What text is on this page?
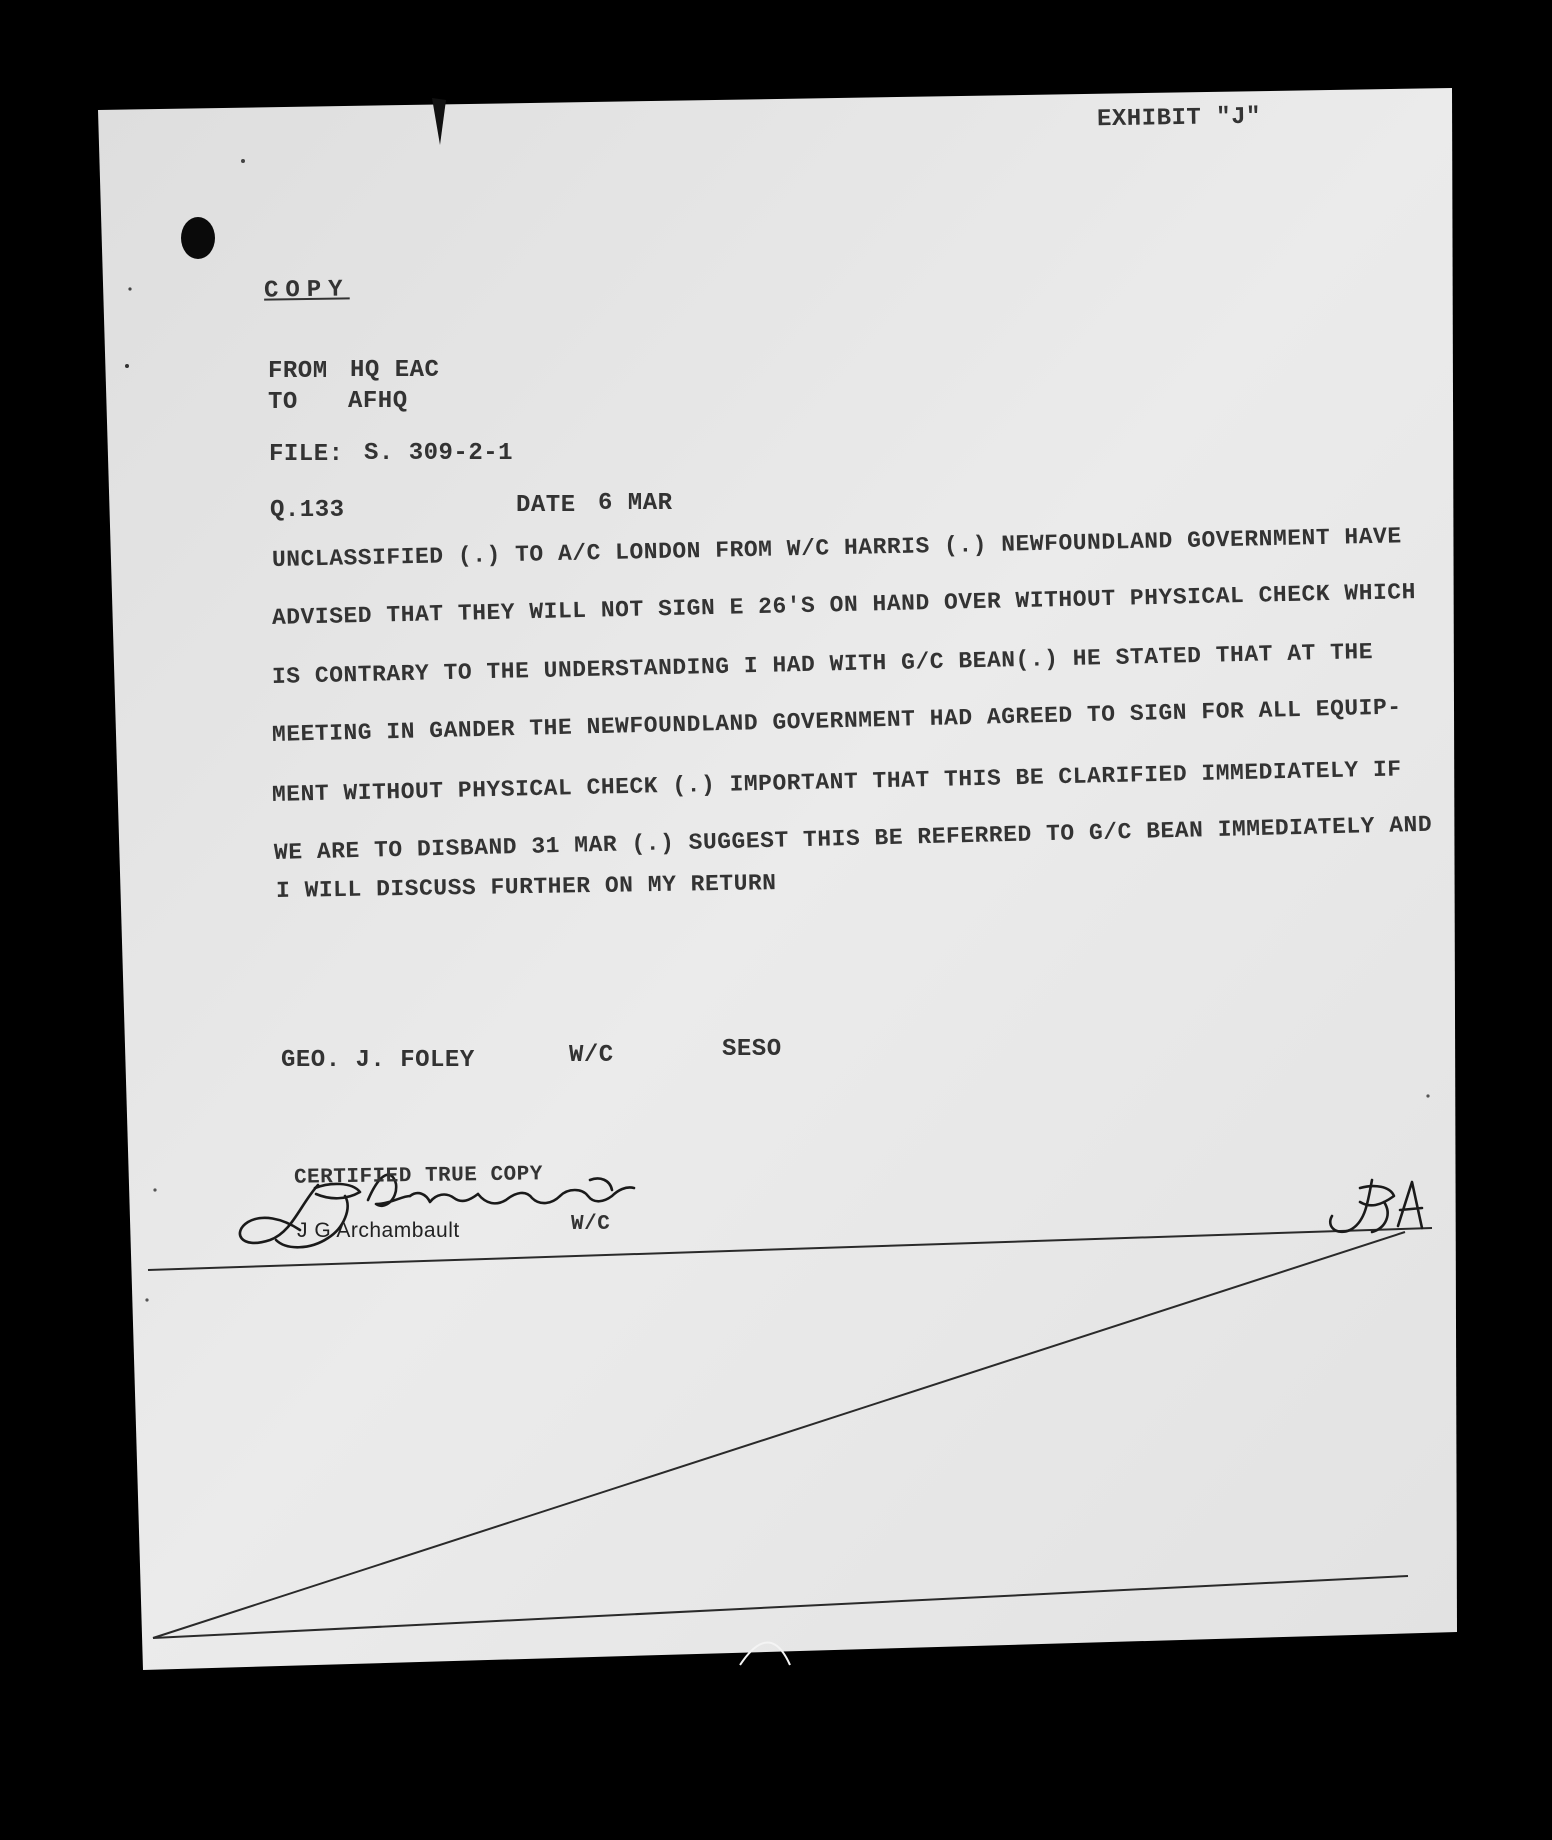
EXHIBIT "J"
COPY
FROM HQ EAC
TO AFHQ
FILE: S. 309-2-1
Q.133	DATE 6 MAR
UNCLASSIFIED (.) TO A/C LONDON FROM W/C HARRIS (.) NEWFOUNDLAND GOVERNMENT HAVE
ADVISED THAT THEY WILL NOT SIGN E 26'S ON HAND OVER WITHOUT PHYSICAL CHECK WHICH
IS CONTRARY TO THE UNDERSTANDING I HAD WITH G/C BEAN(.) HE STATED THAT AT THE
MEETING IN GANDER THE NEWFOUNDLAND GOVERNMENT HAD AGREED TO SIGN FOR ALL EQUIP-
MENT WITHOUT PHYSICAL CHECK (.) IMPORTANT THAT THIS BE CLARIFIED IMMEDIATELY IF
WE ARE TO DISBAND 31 MAR (.) SUGGEST THIS BE REFERRED TO G/C BEAN IMMEDIATELY AND
I WILL DISCUSS FURTHER ON MY RETURN
GEO. J. FOLEY	W/C	SESO
CERTIFIED TRUE COPY
J G Archambault	W/C
